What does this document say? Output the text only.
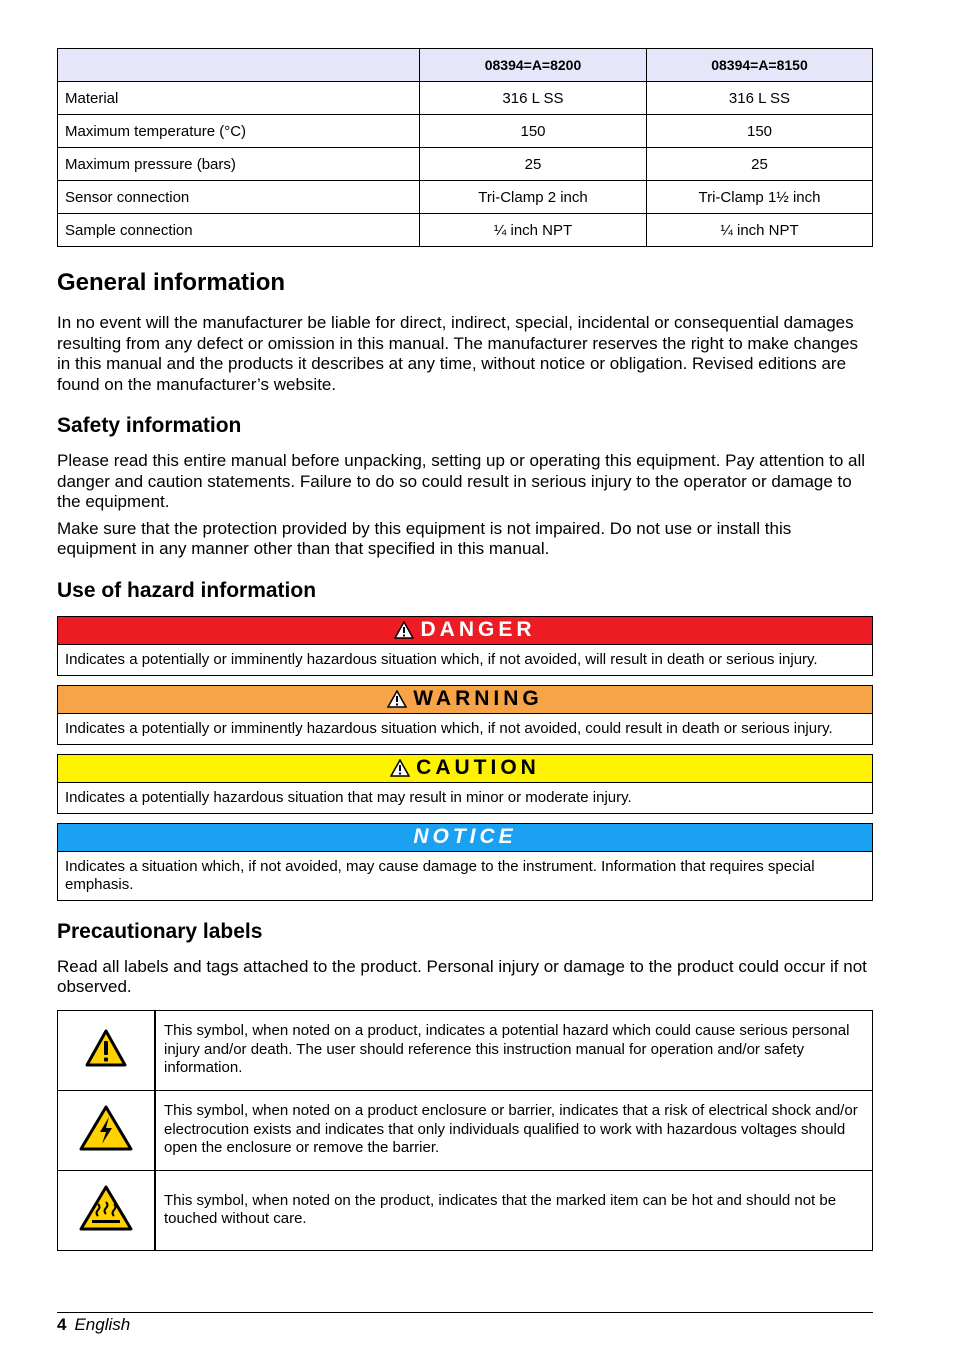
	08394=A=8200	08394=A=8150
Material	316 L SS	316 L SS
Maximum temperature (°C)	150	150
Maximum pressure (bars)	25	25
Sensor connection	Tri-Clamp 2 inch	Tri-Clamp 1½ inch
Sample connection	¼ inch NPT	¼ inch NPT
General information

In no event will the manufacturer be liable for direct, indirect, special, incidental or consequential damages resulting from any defect or omission in this manual. The manufacturer reserves the right to make changes in this manual and the products it describes at any time, without notice or obligation. Revised editions are found on the manufacturer’s website.

Safety information

Please read this entire manual before unpacking, setting up or operating this equipment. Pay attention to all danger and caution statements. Failure to do so could result in serious injury to the operator or damage to the equipment.

Make sure that the protection provided by this equipment is not impaired. Do not use or install this equipment in any manner other than that specified in this manual.

Use of hazard information
DANGER
Indicates a potentially or imminently hazardous situation which, if not avoided, will result in death or serious injury.
WARNING
Indicates a potentially or imminently hazardous situation which, if not avoided, could result in death or serious injury.
CAUTION
Indicates a potentially hazardous situation that may result in minor or moderate injury.
NOTICE
Indicates a situation which, if not avoided, may cause damage to the instrument. Information that requires special emphasis.
Precautionary labels

Read all labels and tags attached to the product. Personal injury or damage to the product could occur if not observed.

	This symbol, when noted on a product, indicates a potential hazard which could cause serious personal injury and/or death. The user should reference this instruction manual for operation and/or safety information.
	This symbol, when noted on a product enclosure or barrier, indicates that a risk of electrical shock and/or electrocution exists and indicates that only individuals qualified to work with hazardous voltages should open the enclosure or remove the barrier.
	This symbol, when noted on the product, indicates that the marked item can be hot and should not be touched without care.
4 English
